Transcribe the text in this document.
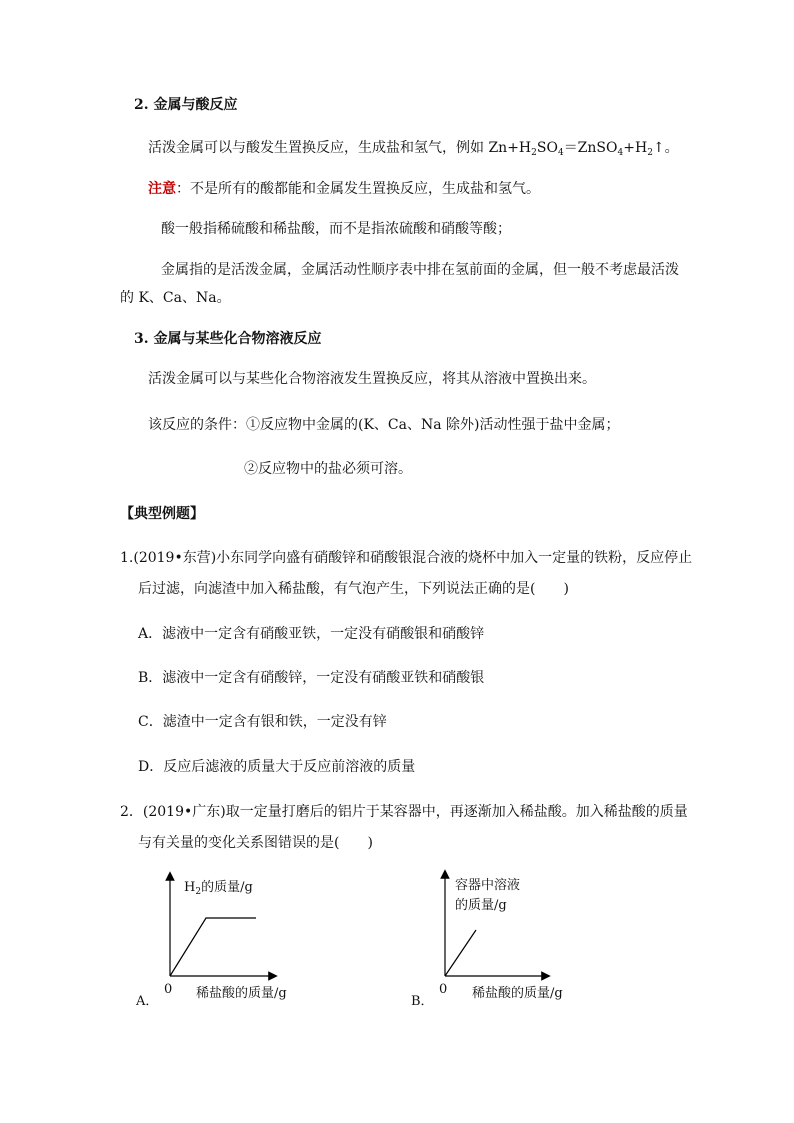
2. 金属与酸反应
活泼金属可以与酸发生置换反应，生成盐和氢气，例如 $Zn+H_2SO_4=ZnSO_4+H_2↑$。
注意：不是所有的酸都能和金属发生置换反应，生成盐和氢气。
酸一般指稀硫酸和稀盐酸，而不是指浓硫酸和硝酸等酸；
金属指的是活泼金属，金属活动性顺序表中排在氢前面的金属，但一般不考虑最活泼
的 K、Ca、Na。
3. 金属与某些化合物溶液反应
活泼金属可以与某些化合物溶液发生置换反应，将其从溶液中置换出来。
该反应的条件：①反应物中金属的(K、Ca、Na 除外)活动性强于盐中金属；
②反应物中的盐必须可溶。
【典型例题】
1.(2019•东营)小东同学向盛有硝酸锌和硝酸银混合液的烧杯中加入一定量的铁粉，反应停止
后过滤，向滤渣中加入稀盐酸，有气泡产生，下列说法正确的是(　　)
A．滤液中一定含有硝酸亚铁，一定没有硝酸银和硝酸锌
B．滤液中一定含有硝酸锌，一定没有硝酸亚铁和硝酸银
C．滤渣中一定含有银和铁，一定没有锌
D．反应后滤液的质量大于反应前溶液的质量
2．(2019•广东)取一定量打磨后的铝片于某容器中，再逐渐加入稀盐酸。加入稀盐酸的质量
与有关量的变化关系图错误的是(　　)
$H_2$的质量/g
0 稀盐酸的质量/g
A．
容器中溶液
的质量/g
0 稀盐酸的质量/g
B．
